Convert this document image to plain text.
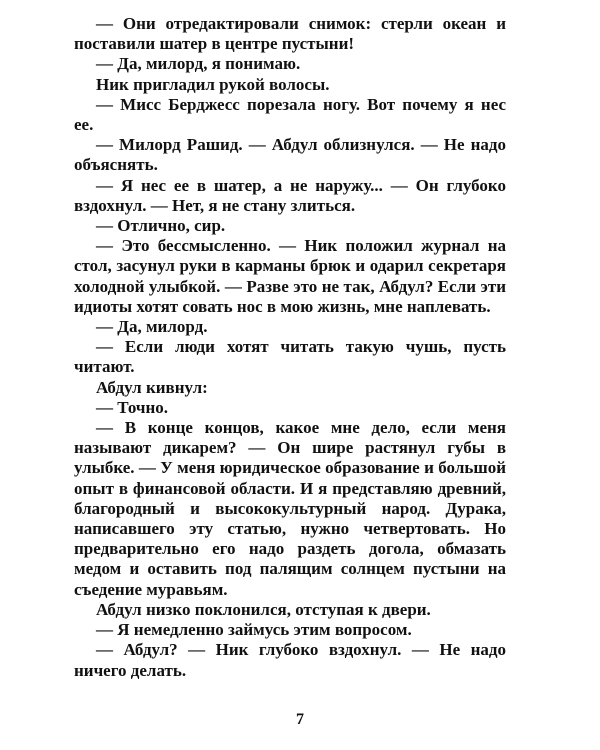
— Они отредактировали снимок: стерли океан и поставили шатер в центре пустыни!

— Да, милорд, я понимаю.

Ник пригладил рукой волосы.

— Мисс Берджесс порезала ногу. Вот почему я нес ее.

— Милорд Рашид. — Абдул облизнулся. — Не надо объяснять.

— Я нес ее в шатер, а не наружу... — Он глубоко вздохнул. — Нет, я не стану злиться.

— Отлично, сир.

— Это бессмысленно. — Ник положил журнал на стол, засунул руки в карманы брюк и одарил секретаря холодной улыбкой. — Разве это не так, Абдул? Если эти идиоты хотят совать нос в мою жизнь, мне наплевать.

— Да, милорд.

— Если люди хотят читать такую чушь, пусть читают.

Абдул кивнул:

— Точно.

— В конце концов, какое мне дело, если меня называют дикарем? — Он шире растянул губы в улыбке. — У меня юридическое образование и большой опыт в финансовой области. И я представляю древний, благородный и высококультурный народ. Дурака, написавшего эту статью, нужно четвертовать. Но предварительно его надо раздеть догола, обмазать медом и оставить под палящим солнцем пустыни на съедение муравьям.

Абдул низко поклонился, отступая к двери.

— Я немедленно займусь этим вопросом.

— Абдул? — Ник глубоко вздохнул. — Не надо ничего делать.

7
